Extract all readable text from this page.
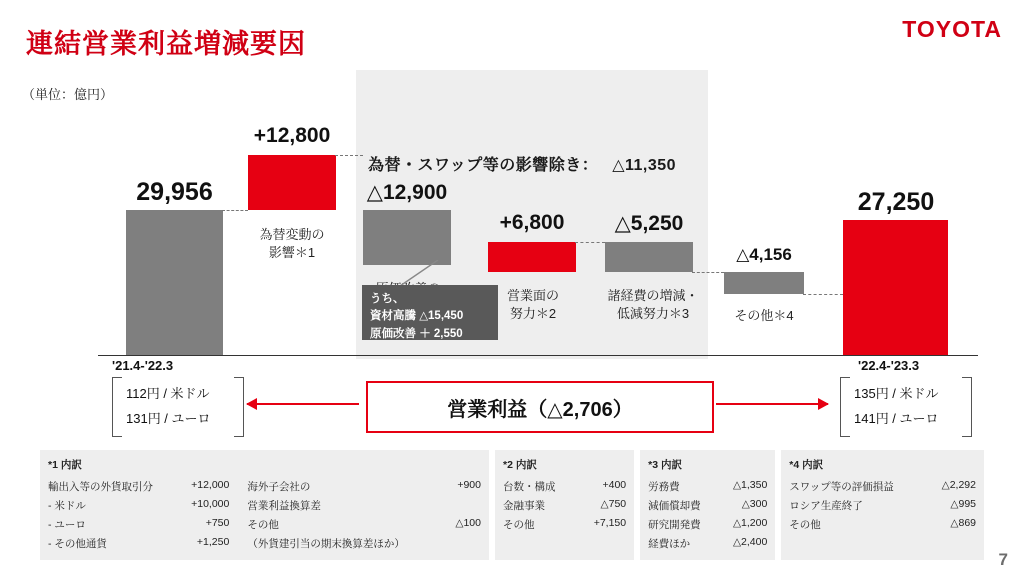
連結営業利益増減要因	TOYOTA
（単位：億円）
7
為替・スワップ等の影響除き： △11,350
29,956
+12,800
為替変動の
影響＊1
△12,900

うち、
資材高騰 △15,450
原価改善 ＋ 2,550
+6,800
営業面の
努力＊2
△5,250
諸経費の増減・
低減努力＊3
△4,156
その他＊4
27,250
'21.4-'22.3	'22.4-'23.3
112円 / 米ドル
131円 / ユーロ
135円 / 米ドル
141円 / ユーロ
営業利益（△2,706）
*1 内訳
輸出入等の外貨取引分	+12,000	海外子会社の	+900
- 米ドル	+10,000	営業利益換算差	
- ユーロ	+750	その他	△100
- その他通貨	+1,250	（外貨建引当の期末換算差ほか）	
*2 内訳
台数・構成	+400
金融事業	△750
その他	+7,150
*3 内訳
労務費	△1,350
減価償却費	△300
研究開発費	△1,200
経費ほか	△2,400
*4 内訳
スワップ等の評価損益	△2,292
ロシア生産終了	△995
その他	△869
